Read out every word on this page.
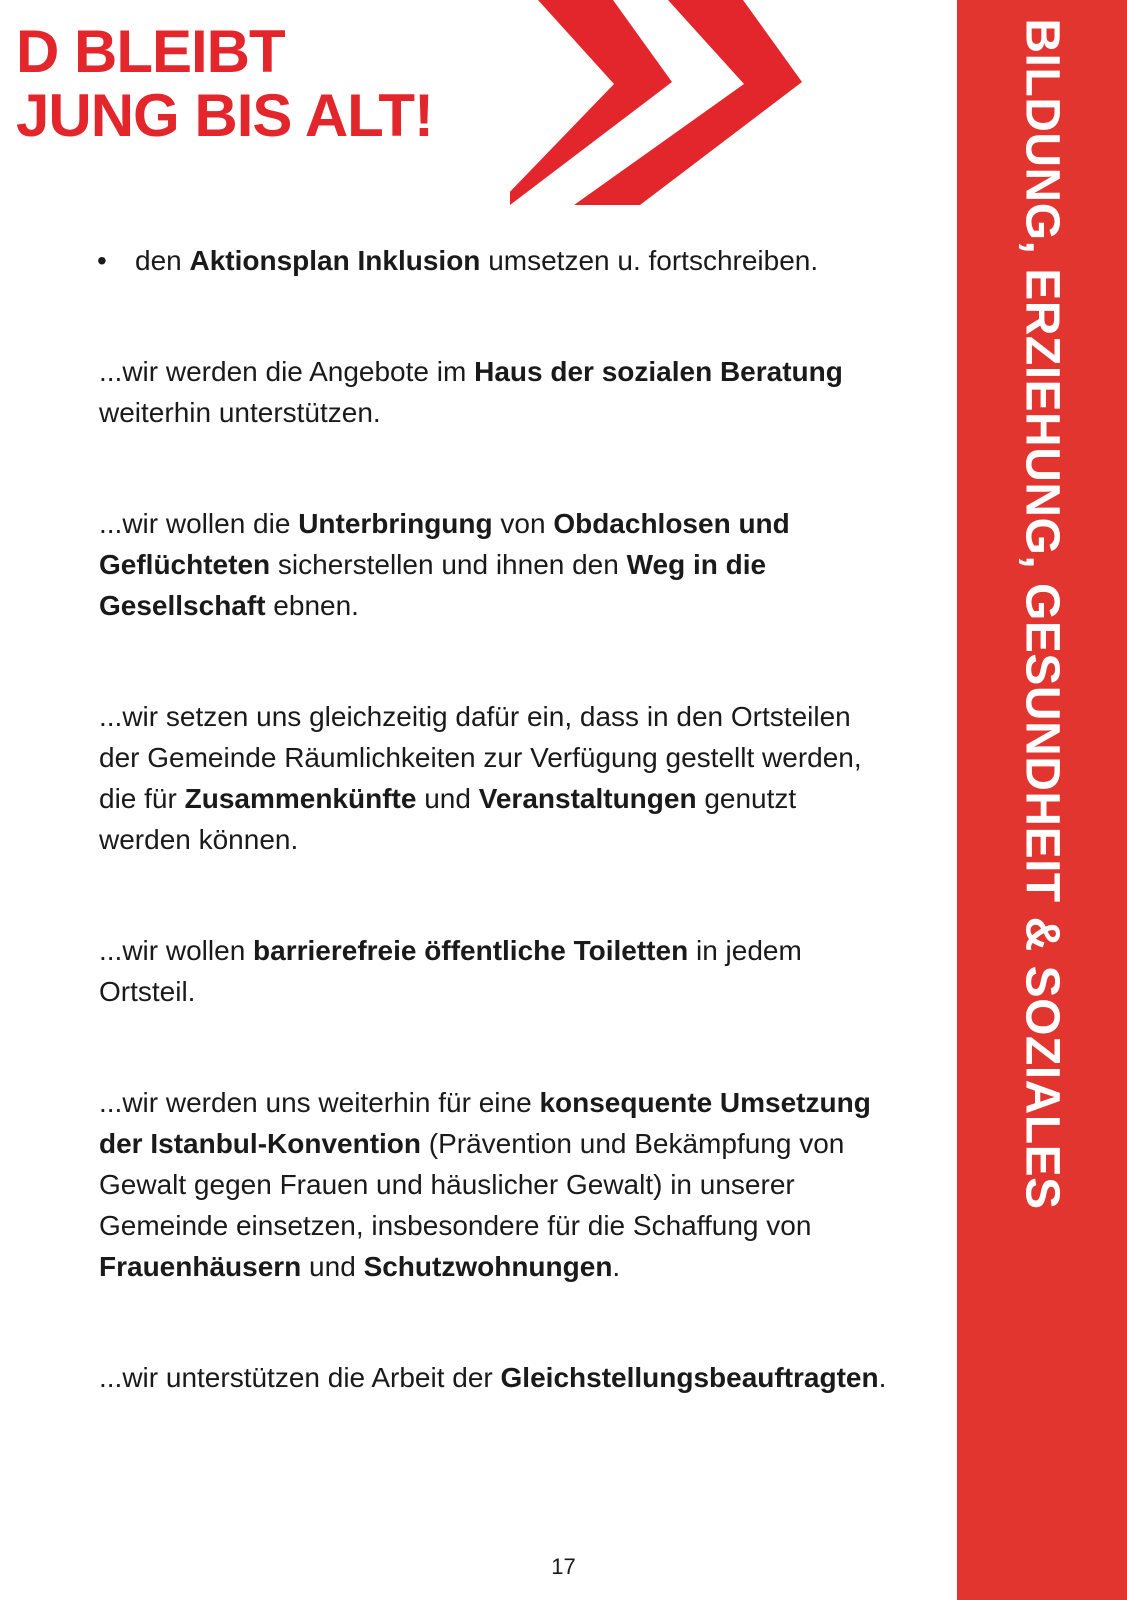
D BLEIBT
JUNG BIS ALT!	BILDUNG, ERZIEHUNG, GESUNDHEIT & SOZIALES
• den Aktionsplan Inklusion umsetzen u. fortschreiben.

...wir werden die Angebote im Haus der sozialen Beratung weiterhin unterstützen.

...wir wollen die Unterbringung von Obdachlosen und Geflüchteten sicherstellen und ihnen den Weg in die Gesellschaft ebnen.

...wir setzen uns gleichzeitig dafür ein, dass in den Ortsteilen der Gemeinde Räumlichkeiten zur Verfügung gestellt werden, die für Zusammenkünfte und Veranstaltungen genutzt werden können.

...wir wollen barrierefreie öffentliche Toiletten in jedem Ortsteil.

...wir werden uns weiterhin für eine konsequente Umsetzung der Istanbul-Konvention (Prävention und Bekämpfung von Gewalt gegen Frauen und häuslicher Gewalt) in unserer Gemeinde einsetzen, insbesondere für die Schaffung von Frauenhäusern und Schutzwohnungen.

...wir unterstützen die Arbeit der Gleichstellungsbeauftragten.

17
